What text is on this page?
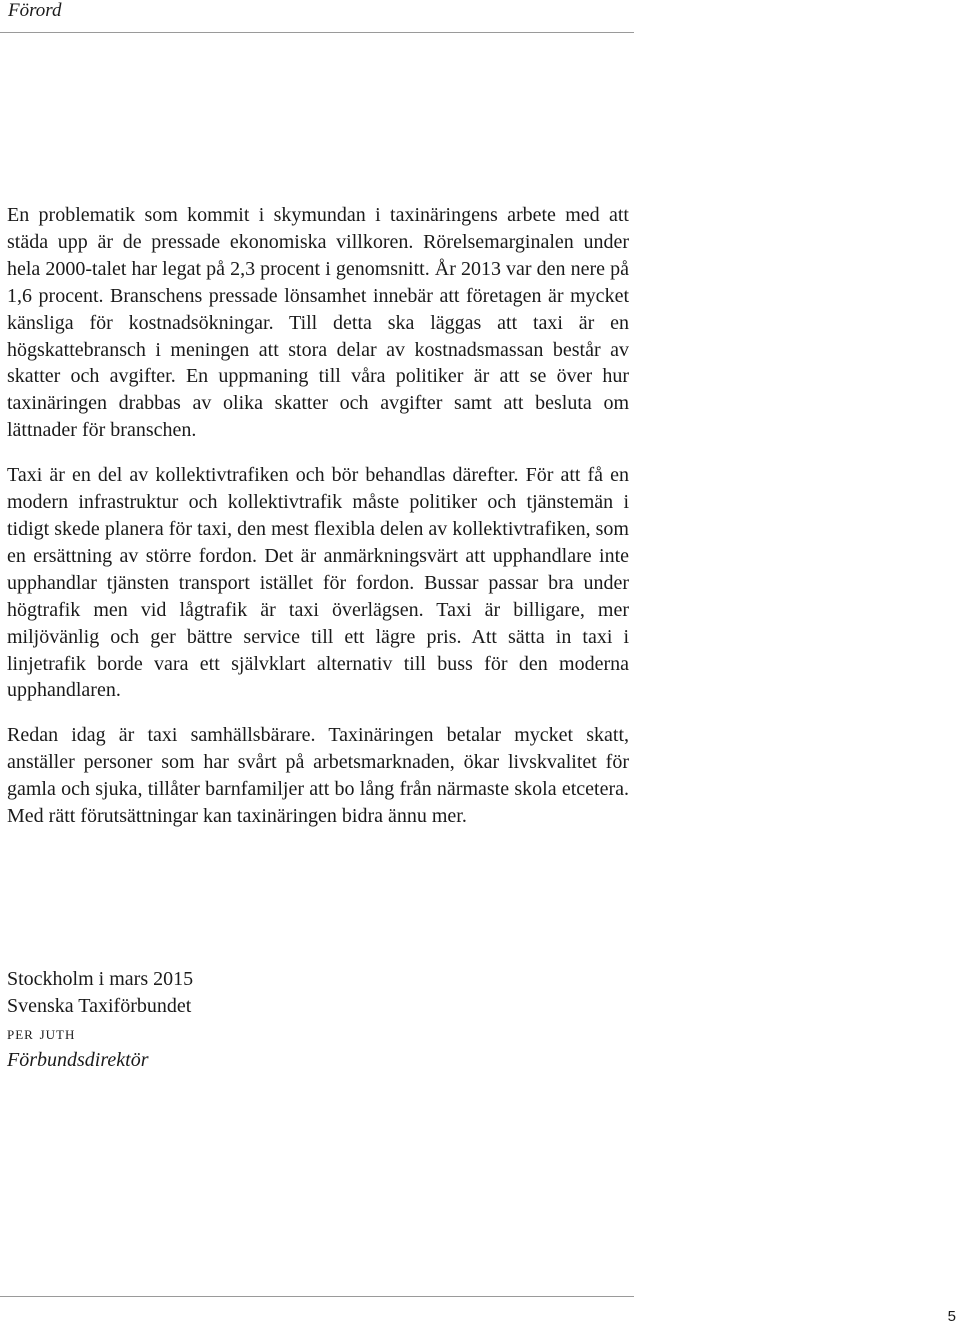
Förord

En problematik som kommit i skymundan i taxinäringens arbete med att städa upp är de pressade ekonomiska villkoren. Rörelsemarginalen under hela 2000-talet har legat på 2,3 procent i genomsnitt. År 2013 var den nere på 1,6 procent. Branschens pressade lönsamhet innebär att företagen är mycket känsliga för kostnadsökningar. Till detta ska läggas att taxi är en högskattebransch i meningen att stora delar av kostnadsmassan består av skatter och avgifter. En uppmaning till våra politiker är att se över hur taxinäringen drabbas av olika skatter och avgifter samt att besluta om lättnader för branschen.

Taxi är en del av kollektivtrafiken och bör behandlas därefter. För att få en modern infrastruktur och kollektivtrafik måste politiker och tjänstemän i tidigt skede planera för taxi, den mest flexibla delen av kollektivtrafiken, som en ersättning av större fordon. Det är anmärkningsvärt att upphandlare inte upphandlar tjänsten transport istället för fordon. Bussar passar bra under högtrafik men vid lågtrafik är taxi överlägsen. Taxi är billigare, mer miljövänlig och ger bättre service till ett lägre pris. Att sätta in taxi i linjetrafik borde vara ett självklart alternativ till buss för den moderna upphandlaren.

Redan idag är taxi samhällsbärare. Taxinäringen betalar mycket skatt, anställer personer som har svårt på arbetsmarknaden, ökar livskvalitet för gamla och sjuka, tillåter barnfamiljer att bo lång från närmaste skola etcetera. Med rätt förutsättningar kan taxinäringen bidra ännu mer.

Stockholm i mars 2015
Svenska Taxiförbundet
per juth
Förbundsdirektör
5
